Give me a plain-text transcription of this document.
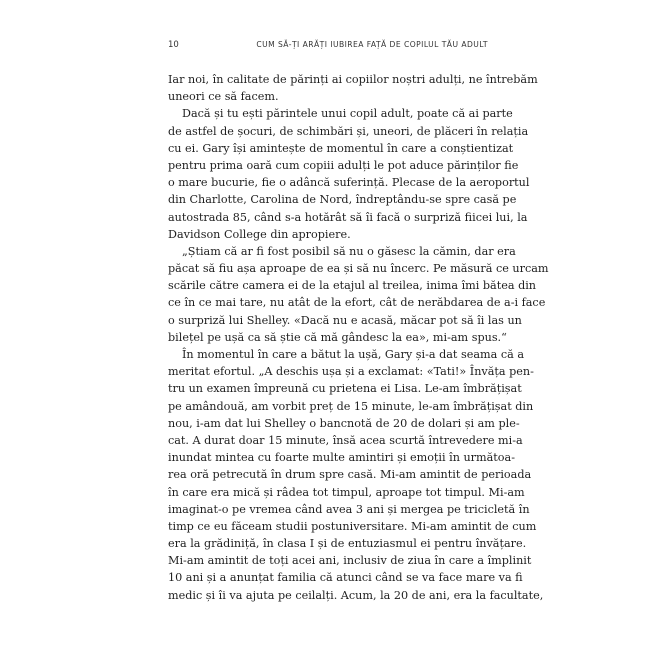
10	CUM SĂ-ȚI ARĂȚI IUBIREA FAȚĂ DE COPILUL TĂU ADULT
Iar noi, în calitate de părinți ai copiilor noștri adulți, ne întrebăm
uneori ce să facem.
Dacă și tu ești părintele unui copil adult, poate că ai parte
de astfel de șocuri, de schimbări și, uneori, de plăceri în relația
cu ei. Gary își amintește de momentul în care a conștientizat
pentru prima oară cum copiii adulți le pot aduce părinților fie
o mare bucurie, fie o adâncă suferință. Plecase de la aeroportul
din Charlotte, Carolina de Nord, îndreptându-se spre casă pe
autostrada 85, când s-a hotărât să îi facă o surpriză fiicei lui, la
Davidson College din apropiere.
„Știam că ar fi fost posibil să nu o găsesc la cămin, dar era
păcat să fiu așa aproape de ea și să nu încerc. Pe măsură ce urcam
scările către camera ei de la etajul al treilea, inima îmi bătea din
ce în ce mai tare, nu atât de la efort, cât de nerăbdarea de a-i face
o surpriză lui Shelley. «Dacă nu e acasă, măcar pot să îi las un
bilețel pe ușă ca să știe că mă gândesc la ea», mi-am spus.“
În momentul în care a bătut la ușă, Gary și-a dat seama că a
meritat efortul. „A deschis ușa și a exclamat: «Tati!» Învăța pen-
tru un examen împreună cu prietena ei Lisa. Le-am îmbrățișat
pe amândouă, am vorbit preț de 15 minute, le-am îmbrățișat din
nou, i-am dat lui Shelley o bancnotă de 20 de dolari și am ple-
cat. A durat doar 15 minute, însă acea scurtă întrevedere mi-a
inundat mintea cu foarte multe amintiri și emoții în următoa-
rea oră petrecută în drum spre casă. Mi-am amintit de perioada
în care era mică și râdea tot timpul, aproape tot timpul. Mi-am
imaginat-o pe vremea când avea 3 ani și mergea pe tricicletă în
timp ce eu făceam studii postuniversitare. Mi-am amintit de cum
era la grădiniță, în clasa I și de entuziasmul ei pentru învățare.
Mi-am amintit de toți acei ani, inclusiv de ziua în care a împlinit
10 ani și a anunțat familia că atunci când se va face mare va fi
medic și îi va ajuta pe ceilalți. Acum, la 20 de ani, era la facultate,
